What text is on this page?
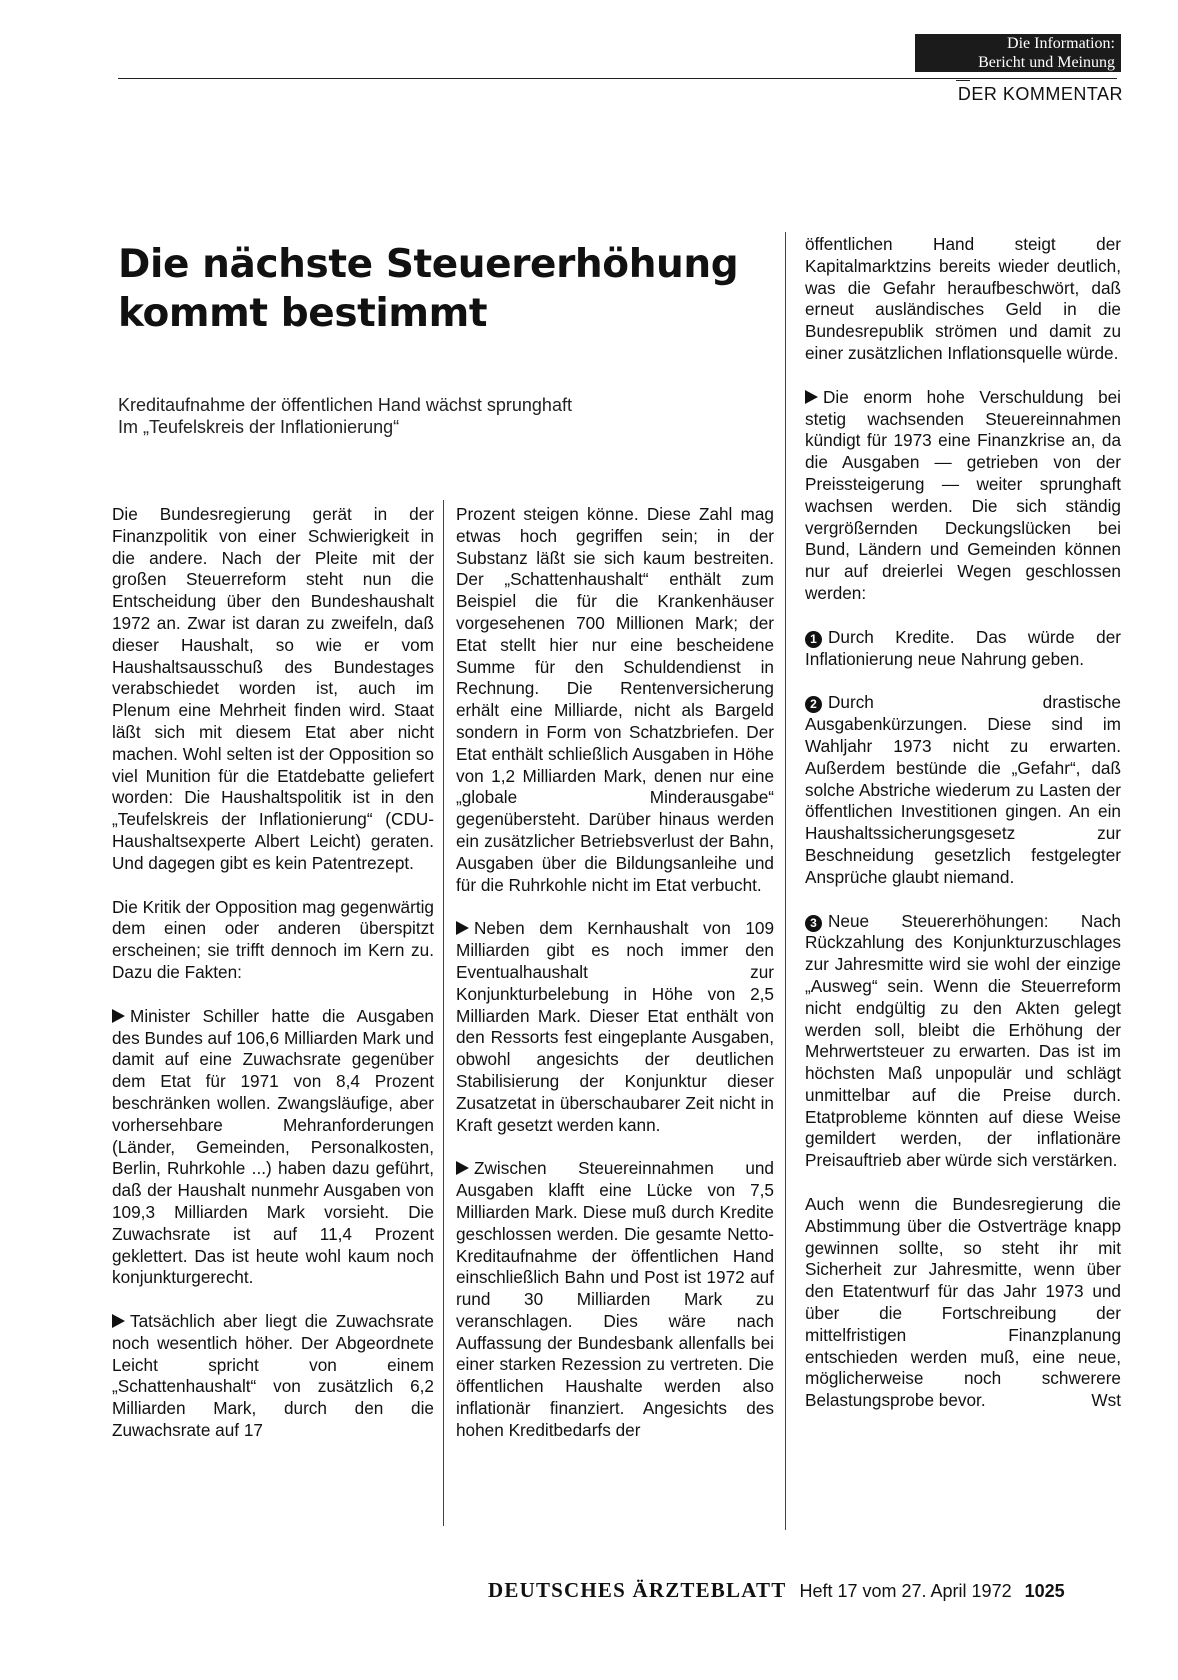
Die Information:
Bericht und Meinung
DER KOMMENTAR
Die nächste Steuererhöhung kommt bestimmt
Kreditaufnahme der öffentlichen Hand wächst sprunghaft
Im „Teufelskreis der Inflationierung“

Die Bundesregierung gerät in der Finanzpolitik von einer Schwierigkeit in die andere. Nach der Pleite mit der großen Steuerreform steht nun die Entscheidung über den Bundeshaushalt 1972 an. Zwar ist daran zu zweifeln, daß dieser Haushalt, so wie er vom Haushaltsausschuß des Bundestages verabschiedet worden ist, auch im Plenum eine Mehrheit finden wird. Staat läßt sich mit diesem Etat aber nicht machen. Wohl selten ist der Opposition so viel Munition für die Etatdebatte geliefert worden: Die Haushaltspolitik ist in den „Teufelskreis der Inflationierung“ (CDU-Haushaltsexperte Albert Leicht) geraten. Und dagegen gibt es kein Patentrezept.

Die Kritik der Opposition mag gegenwärtig dem einen oder anderen überspitzt erscheinen; sie trifft dennoch im Kern zu. Dazu die Fakten:

Minister Schiller hatte die Ausgaben des Bundes auf 106,6 Milliarden Mark und damit auf eine Zuwachsrate gegenüber dem Etat für 1971 von 8,4 Prozent beschränken wollen. Zwangsläufige, aber vorhersehbare Mehranforderungen (Länder, Gemeinden, Personalkosten, Berlin, Ruhrkohle ...) haben dazu geführt, daß der Haushalt nunmehr Ausgaben von 109,3 Milliarden Mark vorsieht. Die Zuwachsrate ist auf 11,4 Prozent geklettert. Das ist heute wohl kaum noch konjunkturgerecht.

Tatsächlich aber liegt die Zuwachsrate noch wesentlich höher. Der Abgeordnete Leicht spricht von einem „Schattenhaushalt“ von zusätzlich 6,2 Milliarden Mark, durch den die Zuwachsrate auf 17

Prozent steigen könne. Diese Zahl mag etwas hoch gegriffen sein; in der Substanz läßt sie sich kaum bestreiten. Der „Schattenhaushalt“ enthält zum Beispiel die für die Krankenhäuser vorgesehenen 700 Millionen Mark; der Etat stellt hier nur eine bescheidene Summe für den Schuldendienst in Rechnung. Die Rentenversicherung erhält eine Milliarde, nicht als Bargeld sondern in Form von Schatzbriefen. Der Etat enthält schließlich Ausgaben in Höhe von 1,2 Milliarden Mark, denen nur eine „globale Minderausgabe“ gegenübersteht. Darüber hinaus werden ein zusätzlicher Betriebsverlust der Bahn, Ausgaben über die Bildungsanleihe und für die Ruhrkohle nicht im Etat verbucht.

Neben dem Kernhaushalt von 109 Milliarden gibt es noch immer den Eventualhaushalt zur Konjunkturbelebung in Höhe von 2,5 Milliarden Mark. Dieser Etat enthält von den Ressorts fest eingeplante Ausgaben, obwohl angesichts der deutlichen Stabilisierung der Konjunktur dieser Zusatzetat in überschaubarer Zeit nicht in Kraft gesetzt werden kann.

Zwischen Steuereinnahmen und Ausgaben klafft eine Lücke von 7,5 Milliarden Mark. Diese muß durch Kredite geschlossen werden. Die gesamte Netto-Kreditaufnahme der öffentlichen Hand einschließlich Bahn und Post ist 1972 auf rund 30 Milliarden Mark zu veranschlagen. Dies wäre nach Auffassung der Bundesbank allenfalls bei einer starken Rezession zu vertreten. Die öffentlichen Haushalte werden also inflationär finanziert. Angesichts des hohen Kreditbedarfs der

öffentlichen Hand steigt der Kapitalmarktzins bereits wieder deutlich, was die Gefahr heraufbeschwört, daß erneut ausländisches Geld in die Bundesrepublik strömen und damit zu einer zusätzlichen Inflationsquelle würde.

Die enorm hohe Verschuldung bei stetig wachsenden Steuereinnahmen kündigt für 1973 eine Finanzkrise an, da die Ausgaben — getrieben von der Preissteigerung — weiter sprunghaft wachsen werden. Die sich ständig vergrößernden Deckungslücken bei Bund, Ländern und Gemeinden können nur auf dreierlei Wegen geschlossen werden:

1 Durch Kredite. Das würde der Inflationierung neue Nahrung geben.

2 Durch drastische Ausgabenkürzungen. Diese sind im Wahljahr 1973 nicht zu erwarten. Außerdem bestünde die „Gefahr“, daß solche Abstriche wiederum zu Lasten der öffentlichen Investitionen gingen. An ein Haushaltssicherungsgesetz zur Beschneidung gesetzlich festgelegter Ansprüche glaubt niemand.

3 Neue Steuererhöhungen: Nach Rückzahlung des Konjunkturzuschlages zur Jahresmitte wird sie wohl der einzige „Ausweg“ sein. Wenn die Steuerreform nicht endgültig zu den Akten gelegt werden soll, bleibt die Erhöhung der Mehrwertsteuer zu erwarten. Das ist im höchsten Maß unpopulär und schlägt unmittelbar auf die Preise durch. Etatprobleme könnten auf diese Weise gemildert werden, der inflationäre Preisauftrieb aber würde sich verstärken.

Auch wenn die Bundesregierung die Abstimmung über die Ostverträge knapp gewinnen sollte, so steht ihr mit Sicherheit zur Jahresmitte, wenn über den Etatentwurf für das Jahr 1973 und über die Fortschreibung der mittelfristigen Finanzplanung entschieden werden muß, eine neue, möglicherweise noch schwerere Belastungsprobe bevor.	Wst

DEUTSCHES ÄRZTEBLATT Heft 17 vom 27. April 1972 1025
